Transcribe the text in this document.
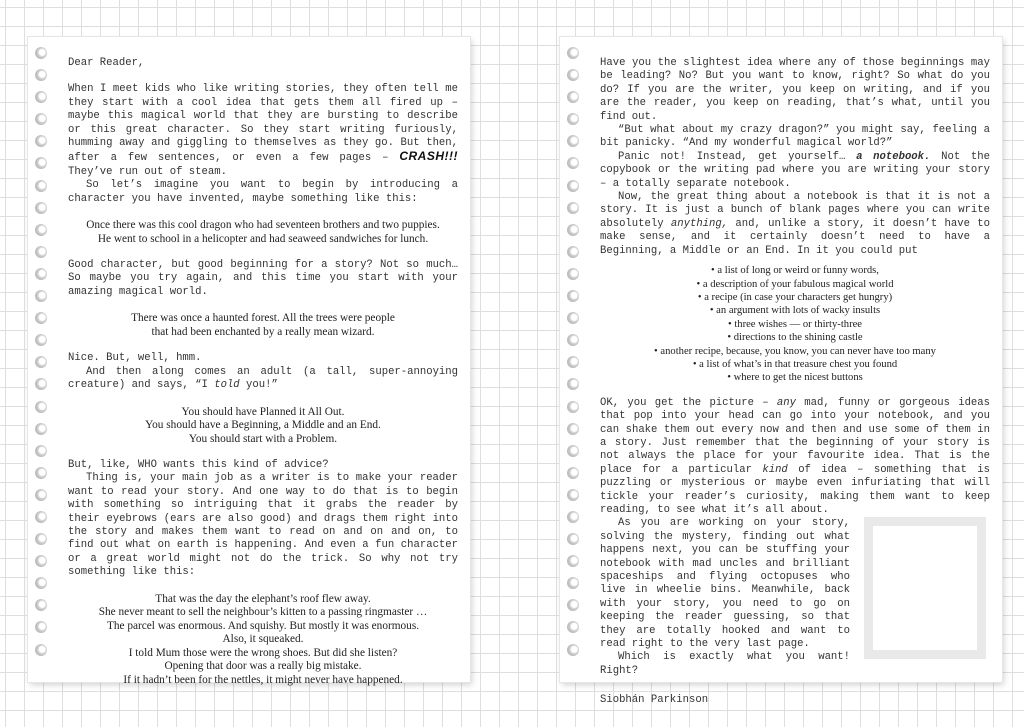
Dear Reader,

When I meet kids who like writing stories, they often tell me they start with a cool idea that gets them all fired up – maybe this magical world that they are bursting to describe or this great character. So they start writing furiously, humming away and giggling to themselves as they go. But then, after a few sentences, or even a few pages – CRASH!!! They’ve run out of steam.

So let’s imagine you want to begin by introducing a character you have invented, maybe something like this:

Once there was this cool dragon who had seventeen brothers and two puppies.
He went to school in a helicopter and had seaweed sandwiches for lunch.

Good character, but good beginning for a story? Not so much… So maybe you try again, and this time you start with your amazing magical world.

There was once a haunted forest. All the trees were people
that had been enchanted by a really mean wizard.

Nice. But, well, hmm.

And then along comes an adult (a tall, super-annoying creature) and says, “I told you!”

You should have Planned it All Out.
You should have a Beginning, a Middle and an End.
You should start with a Problem.

But, like, WHO wants this kind of advice?

Thing is, your main job as a writer is to make your reader want to read your story. And one way to do that is to begin with something so intriguing that it grabs the reader by their eyebrows (ears are also good) and drags them right into the story and makes them want to read on and on and on, to find out what on earth is happening. And even a fun character or a great world might not do the trick. So why not try something like this:

That was the day the elephant’s roof flew away.
She never meant to sell the neighbour’s kitten to a passing ringmaster …
The parcel was enormous. And squishy. But mostly it was enormous.
Also, it squeaked.
I told Mum those were the wrong shoes. But did she listen?
Opening that door was a really big mistake.
If it hadn’t been for the nettles, it might never have happened.

Have you the slightest idea where any of those beginnings may be leading? No? But you want to know, right? So what do you do? If you are the writer, you keep on writing, and if you are the reader, you keep on reading, that’s what, until you find out.

“But what about my crazy dragon?” you might say, feeling a bit panicky. “And my wonderful magical world?”

Panic not! Instead, get yourself… a notebook. Not the copybook or the writing pad where you are writing your story – a totally separate notebook.

Now, the great thing about a notebook is that it is not a story. It is just a bunch of blank pages where you can write absolutely anything, and, unlike a story, it doesn’t have to make sense, and it certainly doesn’t need to have a Beginning, a Middle or an End. In it you could put

• a list of long or weird or funny words,
• a description of your fabulous magical world
• a recipe (in case your characters get hungry)
• an argument with lots of wacky insults
• three wishes — or thirty-three
• directions to the shining castle
• another recipe, because, you know, you can never have too many
• a list of what’s in that treasure chest you found
• where to get the nicest buttons

OK, you get the picture – any mad, funny or gorgeous ideas that pop into your head can go into your notebook, and you can shake them out every now and then and use some of them in a story. Just remember that the beginning of your story is not always the place for your favourite idea. That is the place for a particular kind of idea – something that is puzzling or mysterious or maybe even infuriating that will tickle your reader’s curiosity, making them want to keep reading, to see what it’s all about.

As you are working on your story, solving the mystery, finding out what happens next, you can be stuffing your notebook with mad uncles and brilliant spaceships and flying octopuses who live in wheelie bins. Meanwhile, back with your story, you need to go on keeping the reader guessing, so that they are totally hooked and want to read right to the very last page.

Which is exactly what you want! Right?

Siobhán Parkinson
